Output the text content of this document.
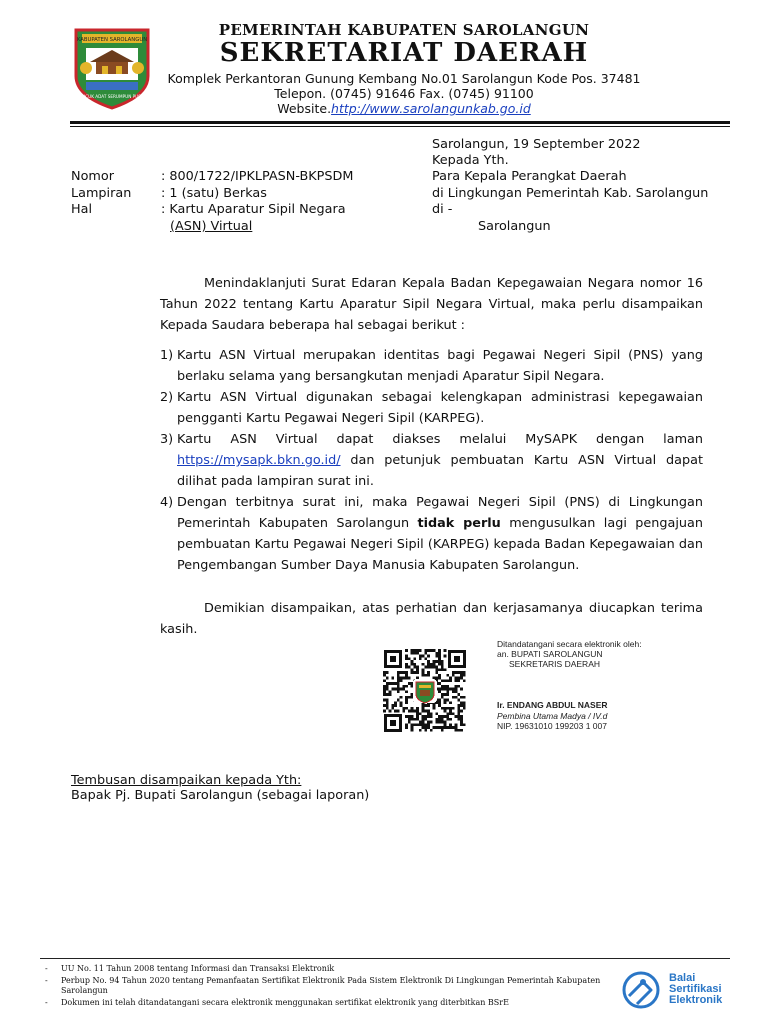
KABUPATEN SAROLANGUN
SEPUCUK ADAT SERUMPUN PUSAKO
PEMERINTAH KABUPATEN SAROLANGUN
SEKRETARIAT DAERAH
Komplek Perkantoran Gunung Kembang No.01 Sarolangun Kode Pos. 37481
Telepon. (0745) 91646 Fax. (0745) 91100
Website.http://www.sarolangunkab.go.id
Sarolangun, 19 September 2022
Kepada Yth.
Para Kepala Perangkat Daerah
di Lingkungan Pemerintah Kab. Sarolangun
di -
Sarolangun
Nomor	: 800/1722/IPKLPASN-BKPSDM
Lampiran : 1 (satu) Berkas
Hal	: Kartu Aparatur Sipil Negara
(ASN) Virtual
Menindaklanjuti Surat Edaran Kepala Badan Kepegawaian Negara nomor 16 Tahun 2022 tentang Kartu Aparatur Sipil Negara Virtual, maka perlu disampaikan Kepada Saudara beberapa hal sebagai berikut :
1) Kartu ASN Virtual merupakan identitas bagi Pegawai Negeri Sipil (PNS) yang berlaku selama yang bersangkutan menjadi Aparatur Sipil Negara.
2) Kartu ASN Virtual digunakan sebagai kelengkapan administrasi kepegawaian pengganti Kartu Pegawai Negeri Sipil (KARPEG).
3) Kartu ASN Virtual dapat diakses melalui MySAPK dengan laman https://mysapk.bkn.go.id/ dan petunjuk pembuatan Kartu ASN Virtual dapat dilihat pada lampiran surat ini.
4) Dengan terbitnya surat ini, maka Pegawai Negeri Sipil (PNS) di Lingkungan Pemerintah Kabupaten Sarolangun tidak perlu mengusulkan lagi pengajuan pembuatan Kartu Pegawai Negeri Sipil (KARPEG) kepada Badan Kepegawaian dan Pengembangan Sumber Daya Manusia Kabupaten Sarolangun.
Demikian disampaikan, atas perhatian dan kerjasamanya diucapkan terima kasih.
Ditandatangani secara elektronik oleh:
an. BUPATI SAROLANGUN
SEKRETARIS DAERAH
Ir. ENDANG ABDUL NASER
Pembina Utama Madya / IV.d
NIP. 19631010 199203 1 007
Tembusan disampaikan kepada Yth:
Bapak Pj. Bupati Sarolangun (sebagai laporan)
- UU No. 11 Tahun 2008 tentang Informasi dan Transaksi Elektronik
- Perbup No. 94 Tahun 2020 tentang Pemanfaatan Sertifikat Elektronik Pada Sistem Elektronik Di Lingkungan Pemerintah Kabupaten Sarolangun
- Dokumen ini telah ditandatangani secara elektronik menggunakan sertifikat elektronik yang diterbitkan BSrE
Balai
Sertifikasi
Elektronik
